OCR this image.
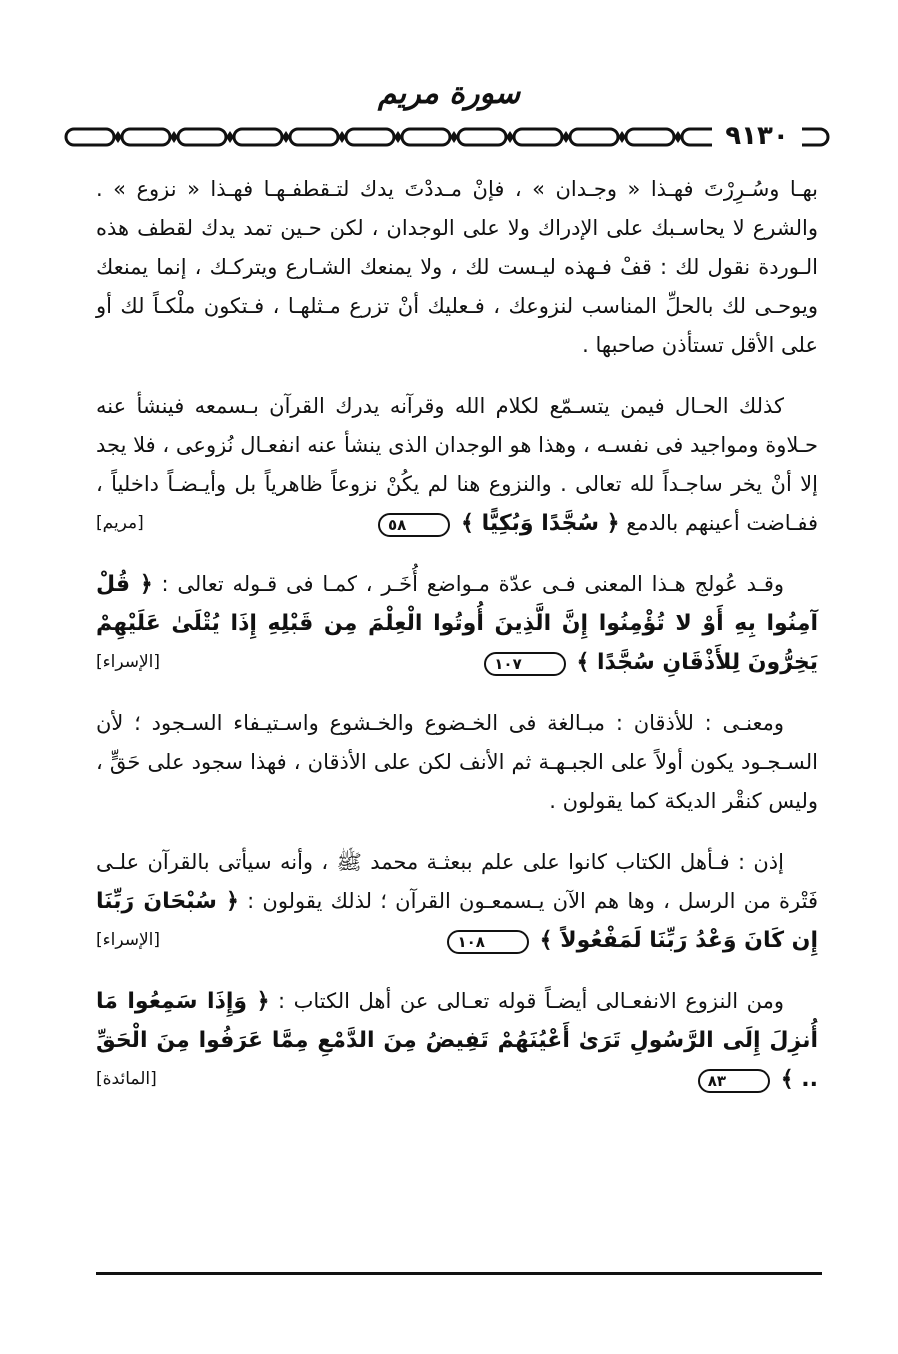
سورة مريم
٩١٣٠

بهـا وسُـرِرْتَ فهـذا « وجـدان » ، فإنْ مـددْتَ يدك لتـقطفـهـا فهـذا « نزوع » . والشرع لا يحاسـبك على الإدراك ولا على الوجدان ، لكن حـين تمد يدك لقطف هذه الـوردة نقول لك : قفْ فـهذه ليـست لك ، ولا يمنعك الشـارع ويتركـك ، إنما يمنعك ويوحـى لك بالحلِّ المناسب لنزوعك ، فـعليك أنْ تزرع مـثلهـا ، فـتكون ملْكـاً لك أو على الأقل تستأذن صاحبها .

كذلك الحـال فيمن يتسـمّع لكلام الله وقرآنه يدرك القرآن بـسمعه فينشأ عنه حـلاوة ومواجيد فى نفسـه ، وهذا هو الوجدان الذى ينشأ عنه انفعـال نُزوعى ، فلا يجد إلا أنْ يخر ساجـداً لله تعالى . والنزوع هنا لم يكُنْ نزوعاً ظاهرياً بل وأيـضـاً داخلياً ، ففـاضت أعينهم بالدمع ﴿ سُجَّدًا وَبُكِيًّا ﴾ ٥٨
[مريم]

وقـد عُولج هـذا المعنى فـى عدّة مـواضع أُخَـر ، كمـا فى قـوله تعالى : ﴿ قُلْ آمِنُوا بِهِ أَوْ لا تُؤْمِنُوا إِنَّ الَّذِينَ أُوتُوا الْعِلْمَ مِن قَبْلِهِ إِذَا يُتْلَىٰ عَلَيْهِمْ يَخِرُّونَ لِلأَذْقَانِ سُجَّدًا ﴾ ١٠٧
[الإسراء]

ومعنـى : للأذقان : مبـالغة فى الخـضوع والخـشوع واسـتيـفاء السـجود ؛ لأن السـجـود يكون أولاً على الجبـهـة ثم الأنف لكن على الأذقان ، فهذا سجود على حَقٍّ ، وليس كنقْر الديكة كما يقولون .

إذن : فـأهل الكتاب كانوا على علم ببعثـة محمد ﷺ ، وأنه سيأتى بالقرآن علـى فَتْرة من الرسل ، وها هم الآن يـسمعـون القرآن ؛ لذلك يقولون : ﴿ سُبْحَانَ رَبِّنَا إِن كَانَ وَعْدُ رَبِّنَا لَمَفْعُولاً ﴾ ١٠٨
[الإسراء]

ومن النزوع الانفعـالى أيضـاً قوله تعـالى عن أهل الكتاب : ﴿ وَإِذَا سَمِعُوا مَا أُنزِلَ إِلَى الرَّسُولِ تَرَىٰ أَعْيُنَهُمْ تَفِيضُ مِنَ الدَّمْعِ مِمَّا عَرَفُوا مِنَ الْحَقِّ .. ﴾ ٨٣
[المائدة]
